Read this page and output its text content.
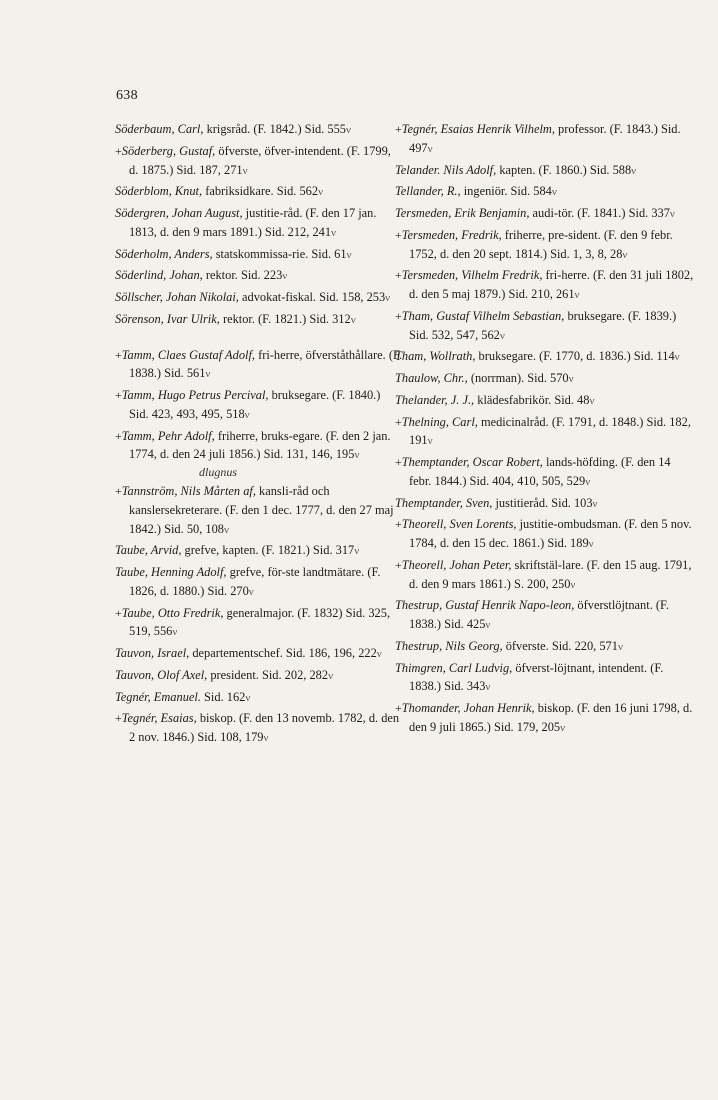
638
Söderbaum, Carl, krigsråd. (F. 1842.) Sid. 555ν
+Söderberg, Gustaf, öfverste, öfver-intendent. (F. 1799, d. 1875.) Sid. 187, 271ν
Söderblom, Knut, fabriksidkare. Sid. 562ν
Södergren, Johan August, justitie-råd. (F. den 17 jan. 1813, d. den 9 mars 1891.) Sid. 212, 241ν
Söderholm, Anders, statskommissa-rie. Sid. 61ν
Söderlind, Johan, rektor. Sid. 223ν
Söllscher, Johan Nikolai, advokat-fiskal. Sid. 158, 253ν
Sörenson, Ivar Ulrik, rektor. (F. 1821.) Sid. 312ν
+Tamm, Claes Gustaf Adolf, fri-herre, öfverståthållare. (F. 1838.) Sid. 561ν
+Tamm, Hugo Petrus Percival, bruksegare. (F. 1840.) Sid. 423, 493, 495, 518ν
+Tamm, Pehr Adolf, friherre, bruks-egare. (F. den 2 jan. 1774, d. den 24 juli 1856.) Sid. 131, 146, 195ν
dlugnus
+Tannström, Nils Mårten af, kansli-råd och kanslersekreterare. (F. den 1 dec. 1777, d. den 27 maj 1842.) Sid. 50, 108ν
Taube, Arvid, grefve, kapten. (F. 1821.) Sid. 317ν
Taube, Henning Adolf, grefve, för-ste landtmätare. (F. 1826, d. 1880.) Sid. 270ν
+Taube, Otto Fredrik, generalmajor. (F. 1832) Sid. 325, 519, 556ν
Tauvon, Israel, departementschef. Sid. 186, 196, 222ν
Tauvon, Olof Axel, president. Sid. 202, 282ν
Tegnér, Emanuel. Sid. 162ν
+Tegnér, Esaias, biskop. (F. den 13 novemb. 1782, d. den 2 nov. 1846.) Sid. 108, 179ν
+Tegnér, Esaias Henrik Vilhelm, professor. (F. 1843.) Sid. 497ν
Telander. Nils Adolf, kapten. (F. 1860.) Sid. 588ν
Tellander, R., ingeniör. Sid. 584ν
Tersmeden, Erik Benjamin, audi-tör. (F. 1841.) Sid. 337ν
+Tersmeden, Fredrik, friherre, pre-sident. (F. den 9 febr. 1752, d. den 20 sept. 1814.) Sid. 1, 3, 8, 28ν
+Tersmeden, Vilhelm Fredrik, fri-herre. (F. den 31 juli 1802, d. den 5 maj 1879.) Sid. 210, 261ν
+Tham, Gustaf Vilhelm Sebastian, bruksegare. (F. 1839.) Sid. 532, 547, 562ν
Tham, Wollrath, bruksegare. (F. 1770, d. 1836.) Sid. 114ν
Thaulow, Chr., (norrman). Sid. 570ν
Thelander, J. J., klädesfabrikör. Sid. 48ν
+Thelning, Carl, medicinalråd. (F. 1791, d. 1848.) Sid. 182, 191ν
+Themptander, Oscar Robert, lands-höfding. (F. den 14 febr. 1844.) Sid. 404, 410, 505, 529ν
Themptander, Sven, justitieråd. Sid. 103ν
+Theorell, Sven Lorents, justitie-ombudsman. (F. den 5 nov. 1784, d. den 15 dec. 1861.) Sid. 189ν
+Theorell, Johan Peter, skriftstäl-lare. (F. den 15 aug. 1791, d. den 9 mars 1861.) S. 200, 250ν
Thestrup, Gustaf Henrik Napo-leon, öfverstlöjtnant. (F. 1838.) Sid. 425ν
Thestrup, Nils Georg, öfverste. Sid. 220, 571ν
Thimgren, Carl Ludvig, öfverst-löjtnant, intendent. (F. 1838.) Sid. 343ν
+Thomander, Johan Henrik, biskop. (F. den 16 juni 1798, d. den 9 juli 1865.) Sid. 179, 205ν
